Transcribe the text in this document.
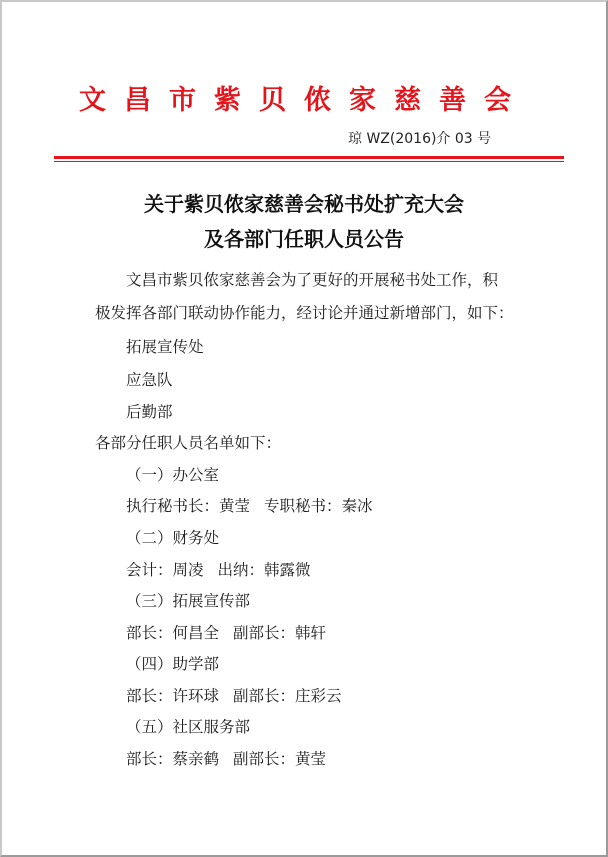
文昌市紫贝侬家慈善会
琼 WZ(2016)介 03 号
关于紫贝侬家慈善会秘书处扩充大会
及各部门任职人员公告
文昌市紫贝侬家慈善会为了更好的开展秘书处工作，积
极发挥各部门联动协作能力，经讨论并通过新增部门，如下：
拓展宣传处
应急队
后勤部
各部分任职人员名单如下：
（一）办公室
执行秘书长：黄莹 专职秘书：秦冰
（二）财务处
会计：周凌 出纳：韩露微
（三）拓展宣传部
部长：何昌全 副部长：韩轩
（四）助学部
部长：许环球 副部长：庄彩云
（五）社区服务部
部长：蔡亲鹤 副部长：黄莹
